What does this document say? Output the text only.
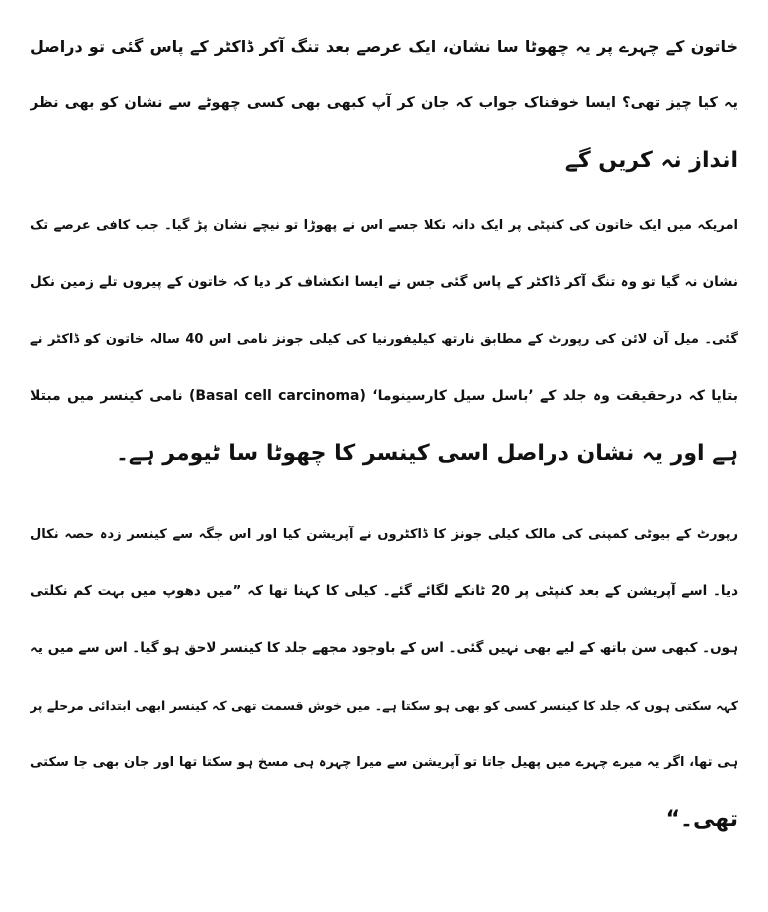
خاتون کے چہرے پر یہ چھوٹا سا نشان، ایک عرصے بعد تنگ آکر ڈاکٹر کے پاس گئی تو دراصل
یہ کیا چیز تھی؟ ایسا خوفناک جواب کہ جان کر آپ کبھی بھی کسی چھوٹے سے نشان کو بھی نظر
انداز نہ کریں گے
امریکہ میں ایک خاتون کی کنپٹی پر ایک دانہ نکلا جسے اس نے پھوڑا تو نیچے نشان پڑ گیا۔ جب کافی عرصے تک
نشان نہ گیا تو وہ تنگ آکر ڈاکٹر کے پاس گئی جس نے ایسا انکشاف کر دیا کہ خاتون کے پیروں تلے زمین نکل
گئی۔ میل آن لائن کی رپورٹ کے مطابق نارتھ کیلیفورنیا کی کیلی جونز نامی اس 40 سالہ خاتون کو ڈاکٹر نے
بتایا کہ درحقیقت وہ جلد کے ’باسل سیل کارسینوما‘ (Basal cell carcinoma) نامی کینسر میں مبتلا
ہے اور یہ نشان دراصل اسی کینسر کا چھوٹا سا ٹیومر ہے۔
رپورٹ کے بیوٹی کمپنی کی مالک کیلی جونز کا ڈاکٹروں نے آپریشن کیا اور اس جگہ سے کینسر زدہ حصہ نکال
دیا۔ اسے آپریشن کے بعد کنپٹی پر 20 ٹانکے لگائے گئے۔ کیلی کا کہنا تھا کہ ”میں دھوپ میں بہت کم نکلتی
ہوں۔ کبھی سن باتھ کے لیے بھی نہیں گئی۔ اس کے باوجود مجھے جلد کا کینسر لاحق ہو گیا۔ اس سے میں یہ
کہہ سکتی ہوں کہ جلد کا کینسر کسی کو بھی ہو سکتا ہے۔ میں خوش قسمت تھی کہ کینسر ابھی ابتدائی مرحلے پر
ہی تھا، اگر یہ میرے چہرے میں پھیل جاتا تو آپریشن سے میرا چہرہ ہی مسخ ہو سکتا تھا اور جان بھی جا سکتی
تھی۔“
